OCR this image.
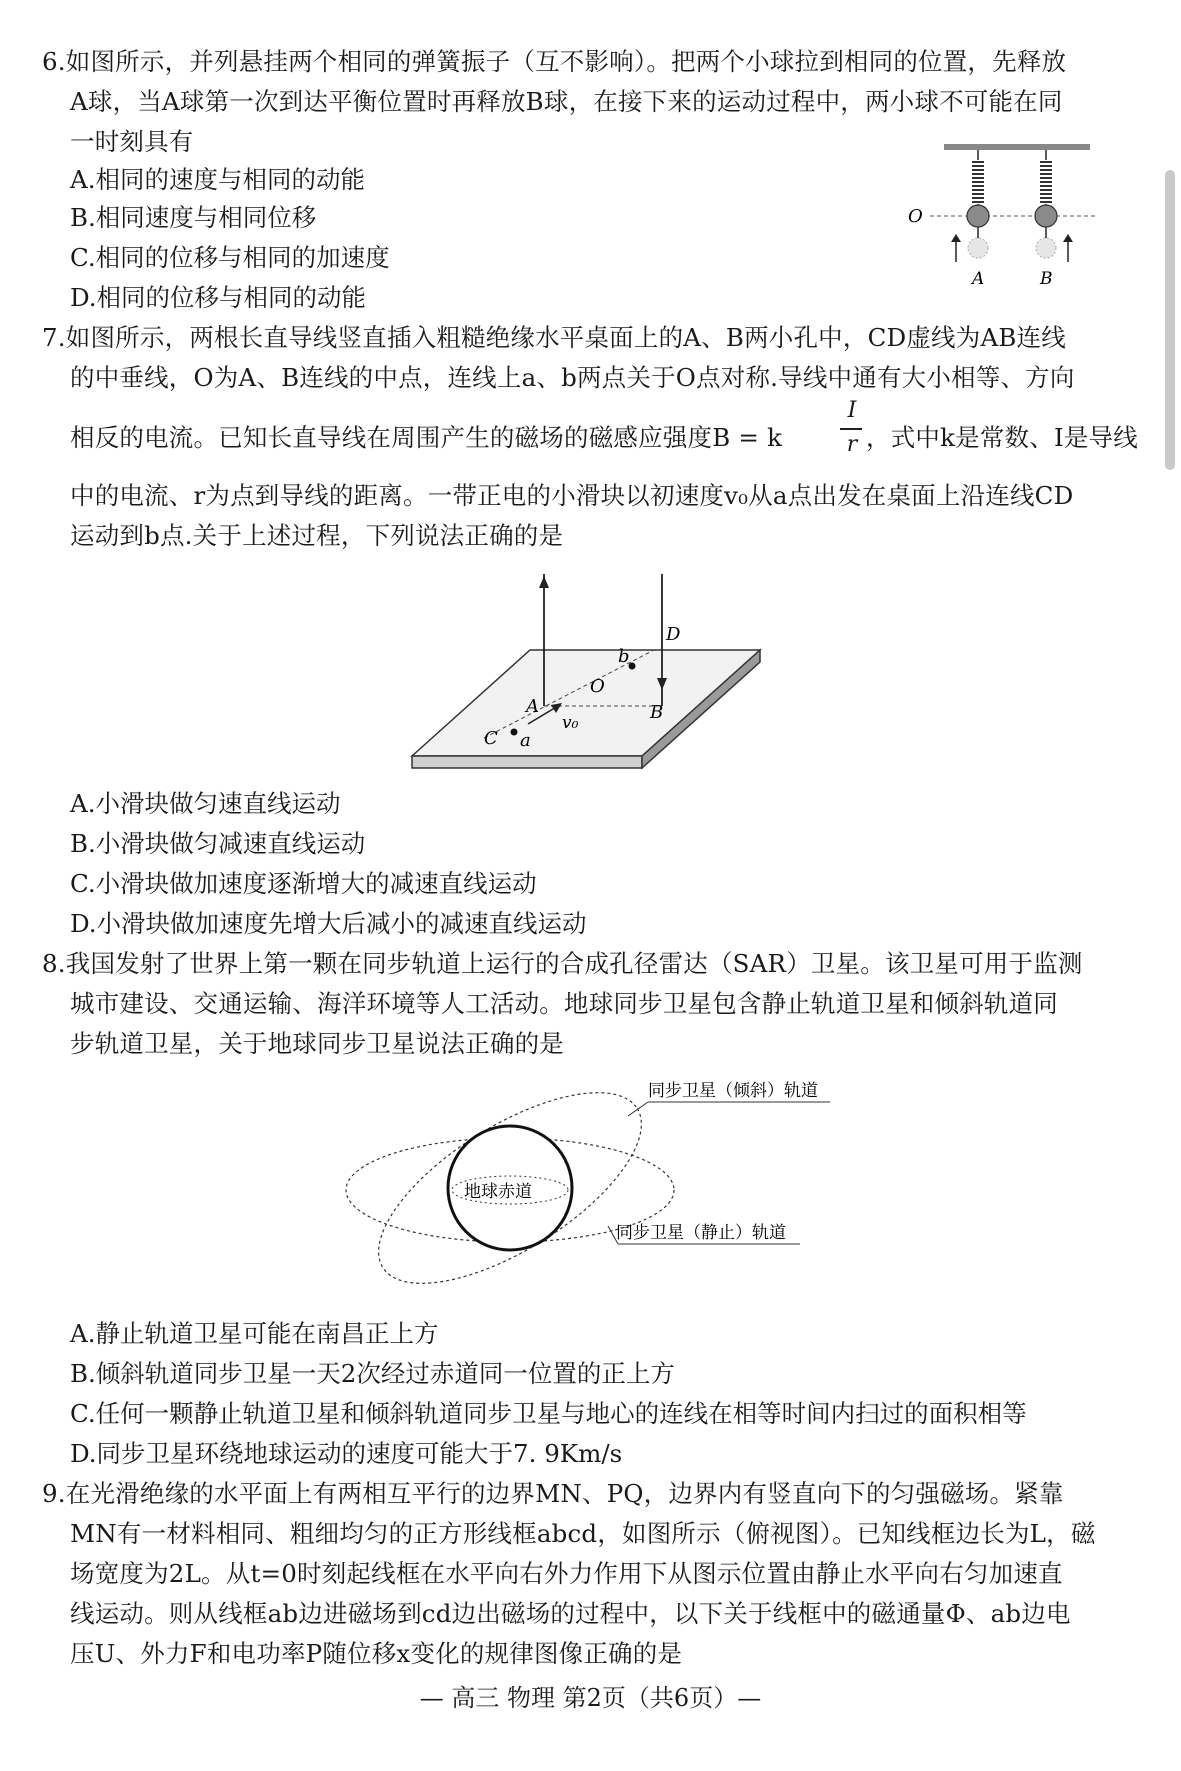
6.如图所示，并列悬挂两个相同的弹簧振子（互不影响）。把两个小球拉到相同的位置，先释放
A球，当A球第一次到达平衡位置时再释放B球，在接下来的运动过程中，两小球不可能在同
一时刻具有
A.相同的速度与相同的动能
B.相同速度与相同位移
C.相同的位移与相同的加速度
D.相同的位移与相同的动能
O
A	B
7.如图所示，两根长直导线竖直插入粗糙绝缘水平桌面上的A、B两小孔中，CD虚线为AB连线
的中垂线，O为A、B连线的中点，连线上a、b两点关于O点对称.导线中通有大小相等、方向
相反的电流。已知长直导线在周围产生的磁场的磁感应强度B = k
I
r ，式中k是常数、I是导线
中的电流、r为点到导线的距离。一带正电的小滑块以初速度v₀从a点出发在桌面上沿连线CD
运动到b点.关于上述过程，下列说法正确的是
A	B
C
D
O
a
b
v₀
A.小滑块做匀速直线运动
B.小滑块做匀减速直线运动
C.小滑块做加速度逐渐增大的减速直线运动
D.小滑块做加速度先增大后减小的减速直线运动
8.我国发射了世界上第一颗在同步轨道上运行的合成孔径雷达（SAR）卫星。该卫星可用于监测
城市建设、交通运输、海洋环境等人工活动。地球同步卫星包含静止轨道卫星和倾斜轨道同
步轨道卫星，关于地球同步卫星说法正确的是
地球赤道
同步卫星（倾斜）轨道
同步卫星（静止）轨道
A.静止轨道卫星可能在南昌正上方
B.倾斜轨道同步卫星一天2次经过赤道同一位置的正上方
C.任何一颗静止轨道卫星和倾斜轨道同步卫星与地心的连线在相等时间内扫过的面积相等
D.同步卫星环绕地球运动的速度可能大于7. 9Km/s
9.在光滑绝缘的水平面上有两相互平行的边界MN、PQ，边界内有竖直向下的匀强磁场。紧靠
MN有一材料相同、粗细均匀的正方形线框abcd，如图所示（俯视图）。已知线框边长为L，磁
场宽度为2L。从t=0时刻起线框在水平向右外力作用下从图示位置由静止水平向右匀加速直
线运动。则从线框ab边进磁场到cd边出磁场的过程中，以下关于线框中的磁通量Φ、ab边电
压U、外力F和电功率P随位移x变化的规律图像正确的是
— 高三 物理 第2页（共6页）—
